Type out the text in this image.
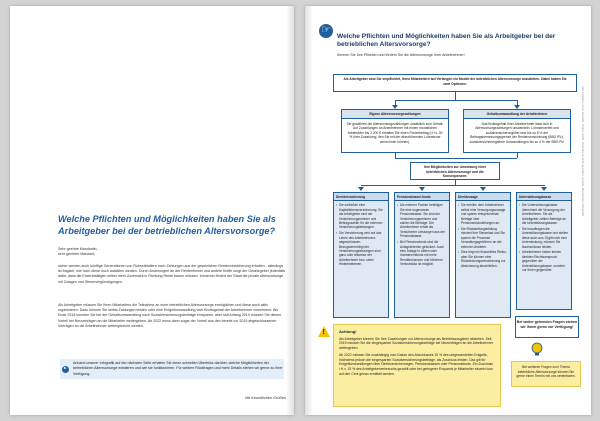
Welche Pflichten und Möglichkeiten haben Sie als Arbeitgeber bei der betrieblichen Altersvorsorge?
Sehr geehrte Mandantin,
sehr geehrter Mandant,
sicher werden auch künftige Generationen von Ruheständlern noch Zahlungen aus der gesetzlichen Rentenversicherung erhalten - allerdings ist fraglich, wie hoch diese noch ausfallen werden. Durch Änderungen an der Rentenformel und andere Kniffe sorgt der Gesetzgeber jedenfalls dafür, dass die Erwerbstätigen selbst mehr Zuversicht in Richtung Rente bauen müssen. Immerhin fördert der Staat die private Altersvorsorge mit Zulagen und Steuervergünstigungen.
Als Arbeitgeber müssen Sie Ihren Mitarbeitern die Teilnahme an einer betrieblichen Altersvorsorge ermöglichen und diese auch aktiv organisieren. Dazu können Sie selbst Zahlungen leisten oder eine Entgeltumwandlung vom Bruttogehalt der Arbeitnehmer vornehmen. Bis Ende 2018 konnten Sie bei der Gehaltsumwandlung noch Sozialversicherungsbeiträge einsparen, aber seit Anfang 2019 müssen Sie diesen Vorteil bei Neuverträgen an die Mitarbeiter weitergeben. Ab 2022 muss dann sogar der Vorteil aus den bereits vor 2019 abgeschlossenen Verträgen an die Arbeitnehmer weitergereicht werden.
Anhand unserer Infografik auf der nächsten Seite erhalten Sie einen schnellen Überblick darüber, welche Möglichkeiten der betrieblichen Altersvorsorge existieren und wie sie funktionieren. Für weitere Rückfragen und mehr Details stehen wir gerne zu Ihrer Verfügung.
Mit freundlichen Grüßen
☞
Welche Pflichten und Möglichkeiten haben Sie als Arbeitgeber bei der betrieblichen Altersvorsorge?
Kennen Sie Ihre Pflichten und fördern Sie die Altersvorsorge Ihrer Arbeitnehmer!
Alle Angaben ohne Gewähr. Stand: 2020. Nachdruck nicht gestattet. Quelle: Mandanten-Infografik
Als Arbeitgeber sind Sie verpflichtet, Ihren Mitarbeitern auf Verlangen ein Modell der betrieblichen Altersvorsorge anzubieten. Dabei haben Sie zwei Optionen:
Eigene Altersvorsorgezahlungen
Sie gewähren die Altersvorsorgezahlungen zusätzlich zum Gehalt. Auf Zuzahlungen an Arbeitnehmer mit einem monatlichen Arbeitslohn bis 2.200 € erhalten Sie einen Förderbetrag (i.H.v. 30 % Ihrer Zuzahlung, den Sie mit der abzuführenden Lohnsteuer verrechnen können).
Gehaltsumwandlung der Arbeitnehmer
Das Bruttogehalt Ihrer Arbeitnehmer lässt sich in Altersvorsorgezahlungen umwandeln. Lohnsteuerfrei und sozialversicherungsfrei sind bis zu 8 % der Beitragsbemessungsgrenze der Rentenversicherung (BBG RV), sozialversicherungsfreie Umwandlungen bis zu 4 % der BBG RV.
Ihre Möglichkeiten zur Umsetzung einer betrieblichen Altersvorsorge und die Konsequenzen:
Direktversicherung
• Sie schließen eine Kapitallebensversicherung. Sie als Arbeitgeber sind der Versicherungsnehmer und Beitragszahler für die externen Versicherungsleistungen.
• Die Versicherung wird auf das Leben des Arbeitnehmers abgeschlossen. Bezugsberechtigt der Versicherungsleistungen sind ganz oder teilweise der Arbeitnehmer bzw. seine Hinterbliebenen.
Pensionskasse/-fonds
• Als externer Partner beteiligen Sie eine sogenannte Pensionskasse. Sie sind der Versicherungsnehmer und zahlen die Beiträge. Die Arbeitnehmer erhalt als Versicherter Leistungen aus der Pensionskasse.
• Bei Pensionsfonds sind die Anlagekriterien gelockert. Auch eine Anlage in Aktien oder Investmentfonds mit mehr Renditechancen und höherem Verlustrisiko ist möglich.
Direktzusage
• Sie erteilen dem Arbeitnehmer selbst eine Versorgungszusage und sparen entsprechende Beträge über Pensionsrückstellungen an.
• Die Rückstellungsbildung mindert Ihre Steuerlast und Sie sparen die Prozesse Verwaltungsgebühren an die externen Anbieter.
• Dies birgt ein finanzielles Risiko, aber Sie können eine Rückdeckungsversicherung zur Absicherung abschließen.
Unterstützungskasse
• Die Unterstützungskasse übernimmt die Versorgung der Arbeitnehmer. Sie als Arbeitgeber zahlen Beiträge an die Unterstützungskasse.
• Sie beauftragen die Unterstützungskasse und stellen diese auch aus. Ergibt sich eine Unterdeckung, müssen Sie Nachschüsse leisten.
• Arbeitnehmer haben keinen direkten Rechtsanspruch gegenüber der Unterstützungskasse, sondern nur Ihnen gegenüber.
!
Achtung!

Als Arbeitgeber können Sie Ihre Zuzahlungen zur Altersvorsorge als Betriebsausgaben abziehen. Seit 2019 müssen Sie die eingesparten Sozialversicherungsbeiträge bei Neuverträgen an die Arbeitnehmer weitergeben.

Ab 2022 müssen Sie unabhängig vom Datum des Abschlusses 15 % des umgewandelten Entgelts, höchstens jedoch die eingesparten Sozialversicherungsbeiträge, als Zuschuss leisten. Das gilt für Entgeltumwandlungen über Direktversicherungen, Pensionskassen oder Pensionsfonds. Ein Zuschuss i.H.v. 15 % des Arbeitgeberverbrauchs gezahlt oder bei geringerer Ersparnis je Mitarbeiter einzeln bzw. auf den Cent genau ermittelt werden.

Bei weiter gehenden Fragen stehen wir Ihnen gerne zur Verfügung!
Bei weiteren Fragen zum Thema betriebliche Altersvorsorge können Sie gerne einen Termin mit uns vereinbaren.
